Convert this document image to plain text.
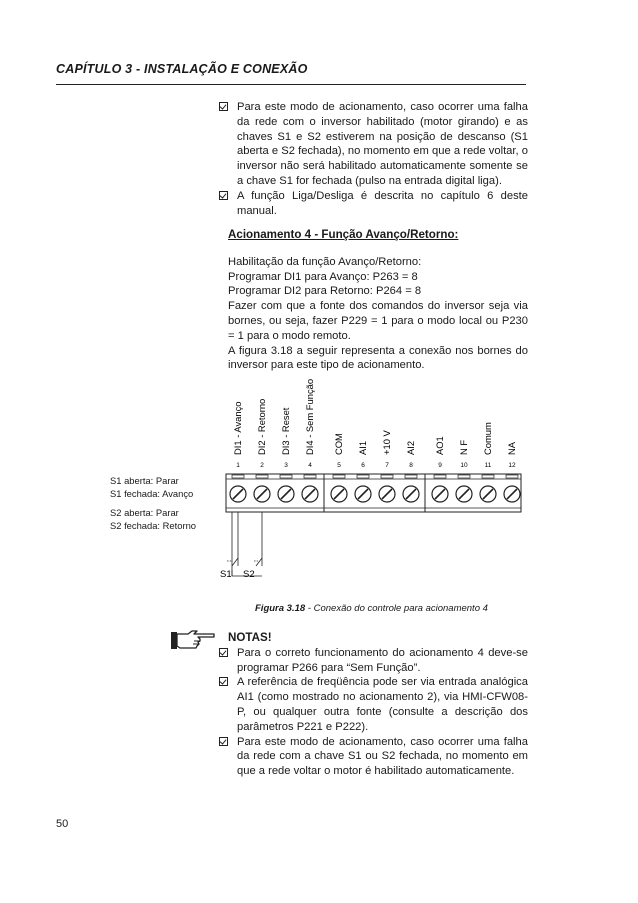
CAPÍTULO 3 - INSTALAÇÃO E CONEXÃO
Para este modo de acionamento, caso ocorrer uma falha da rede com o inversor habilitado (motor girando) e as chaves S1 e S2 estiverem na posição de descanso (S1 aberta e S2 fechada), no momento em que a rede voltar, o inversor não será habilitado automaticamente somente se a chave S1 for fechada (pulso na entrada digital liga).
A função Liga/Desliga é descrita no capítulo 6 deste manual.
Acionamento 4 - Função Avanço/Retorno:
Habilitação da função Avanço/Retorno:
Programar DI1 para Avanço: P263 = 8
Programar DI2 para Retorno: P264 = 8
Fazer com que a fonte dos comandos do inversor seja via bornes, ou seja, fazer P229 = 1 para o modo local ou P230 = 1 para o modo remoto.
A figura 3.18 a seguir representa a conexão nos bornes do inversor para este tipo de acionamento.
DI1 - Avanço DI2 - Retorno DI3 - Reset DI4 - Sem Função COM AI1 +10 V AI2 AO1 N F Comum NA
1	2	3	4	5	6	7	8	9	10	11	12
S1 S2
S1 aberta: Parar
S1 fechada: Avanço
S2 aberta: Parar
S2 fechada: Retorno
Figura 3.18 - Conexão do controle para acionamento 4
NOTAS!
Para o correto funcionamento do acionamento 4 deve-se programar P266 para “Sem Função”.
A referência de freqüência pode ser via entrada analógica AI1 (como mostrado no acionamento 2), via HMI-CFW08-P, ou qualquer outra fonte (consulte a descrição dos parâmetros P221 e P222).
Para este modo de acionamento, caso ocorrer uma falha da rede com a chave S1 ou S2 fechada, no momento em que a rede voltar o motor é habilitado automaticamente.
50
